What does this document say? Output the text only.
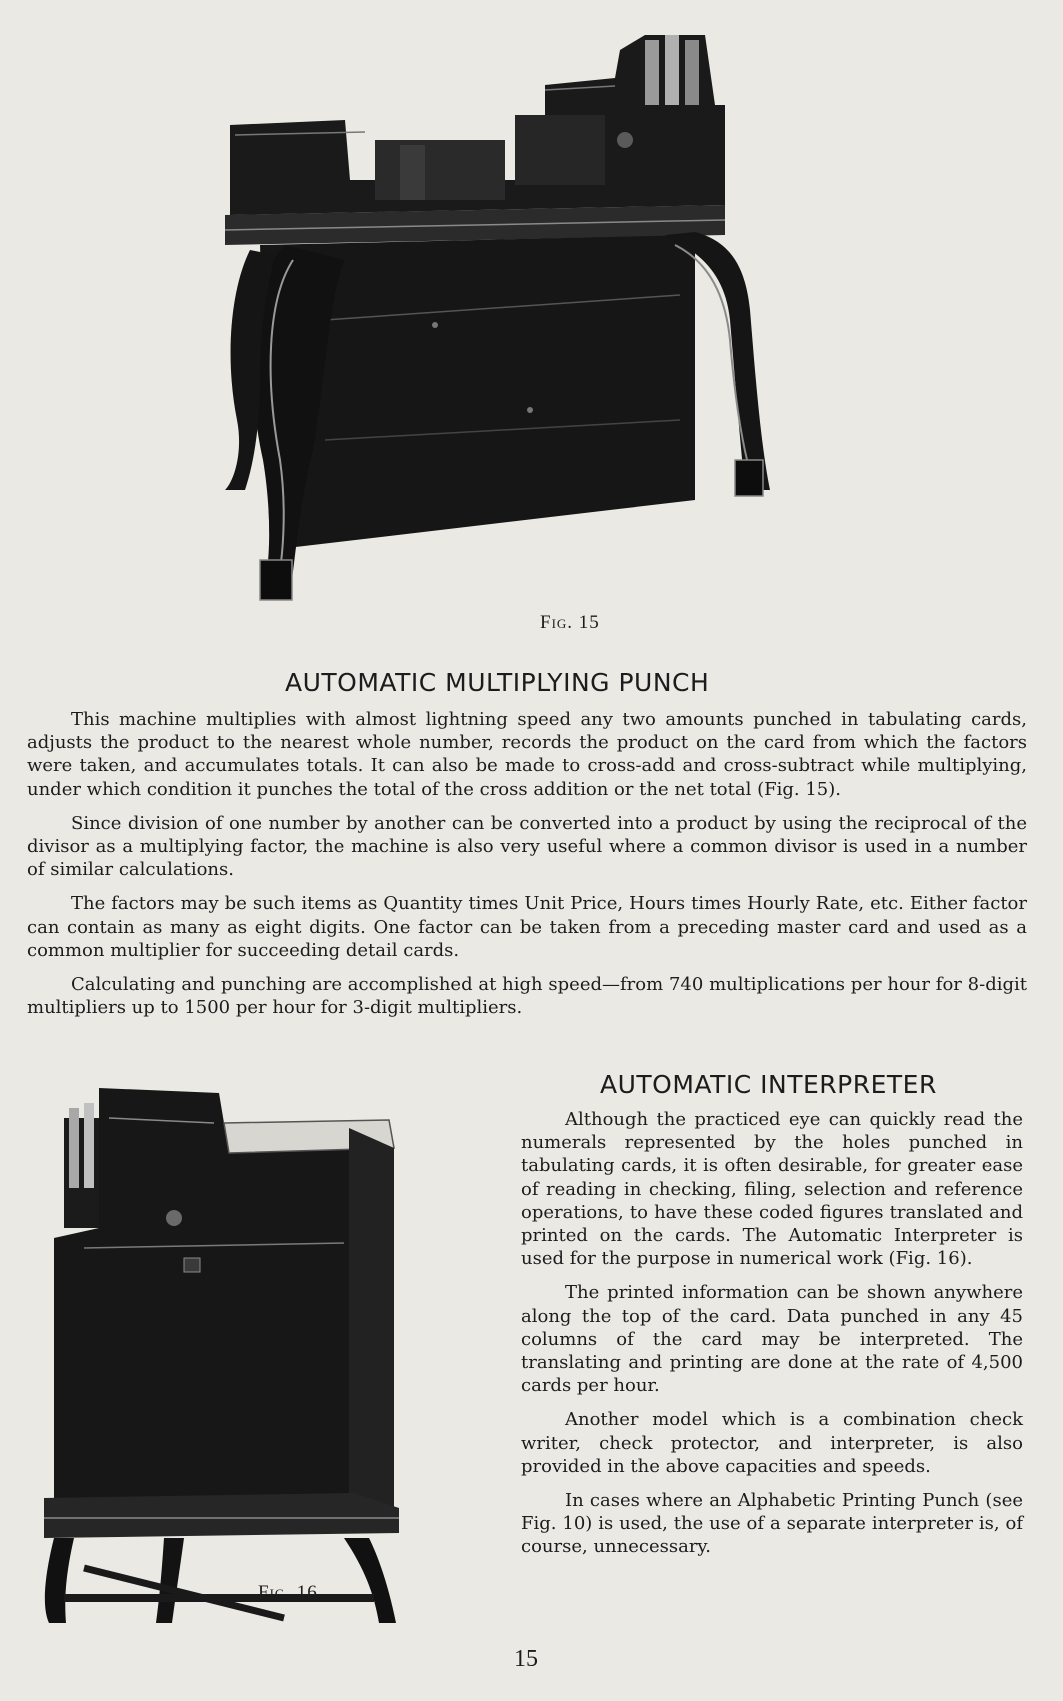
Fig. 15
AUTOMATIC MULTIPLYING PUNCH

This machine multiplies with almost lightning speed any two amounts punched in tabulating cards, adjusts the product to the nearest whole number, records the product on the card from which the factors were taken, and accumulates totals. It can also be made to cross-add and cross-subtract while multiplying, under which condition it punches the total of the cross addition or the net total (Fig. 15).

Since division of one number by another can be converted into a product by using the reciprocal of the divisor as a multiplying factor, the machine is also very useful where a common divisor is used in a number of similar calculations.

The factors may be such items as Quantity times Unit Price, Hours times Hourly Rate, etc. Either factor can contain as many as eight digits. One factor can be taken from a preceding master card and used as a common multiplier for succeeding detail cards.

Calculating and punching are accomplished at high speed—from 740 multiplications per hour for 8-digit multipliers up to 1500 per hour for 3-digit multipliers.

Fig. 16
AUTOMATIC INTERPRETER

Although the practiced eye can quickly read the numerals represented by the holes punched in tabulating cards, it is often desirable, for greater ease of reading in checking, filing, selection and reference operations, to have these coded figures translated and printed on the cards. The Automatic Interpreter is used for the purpose in numerical work (Fig. 16).

The printed information can be shown anywhere along the top of the card. Data punched in any 45 columns of the card may be interpreted. The translating and printing are done at the rate of 4,500 cards per hour.

Another model which is a combination check writer, check protector, and interpreter, is also provided in the above capacities and speeds.

In cases where an Alphabetic Printing Punch (see Fig. 10) is used, the use of a separate interpreter is, of course, unnecessary.

15
